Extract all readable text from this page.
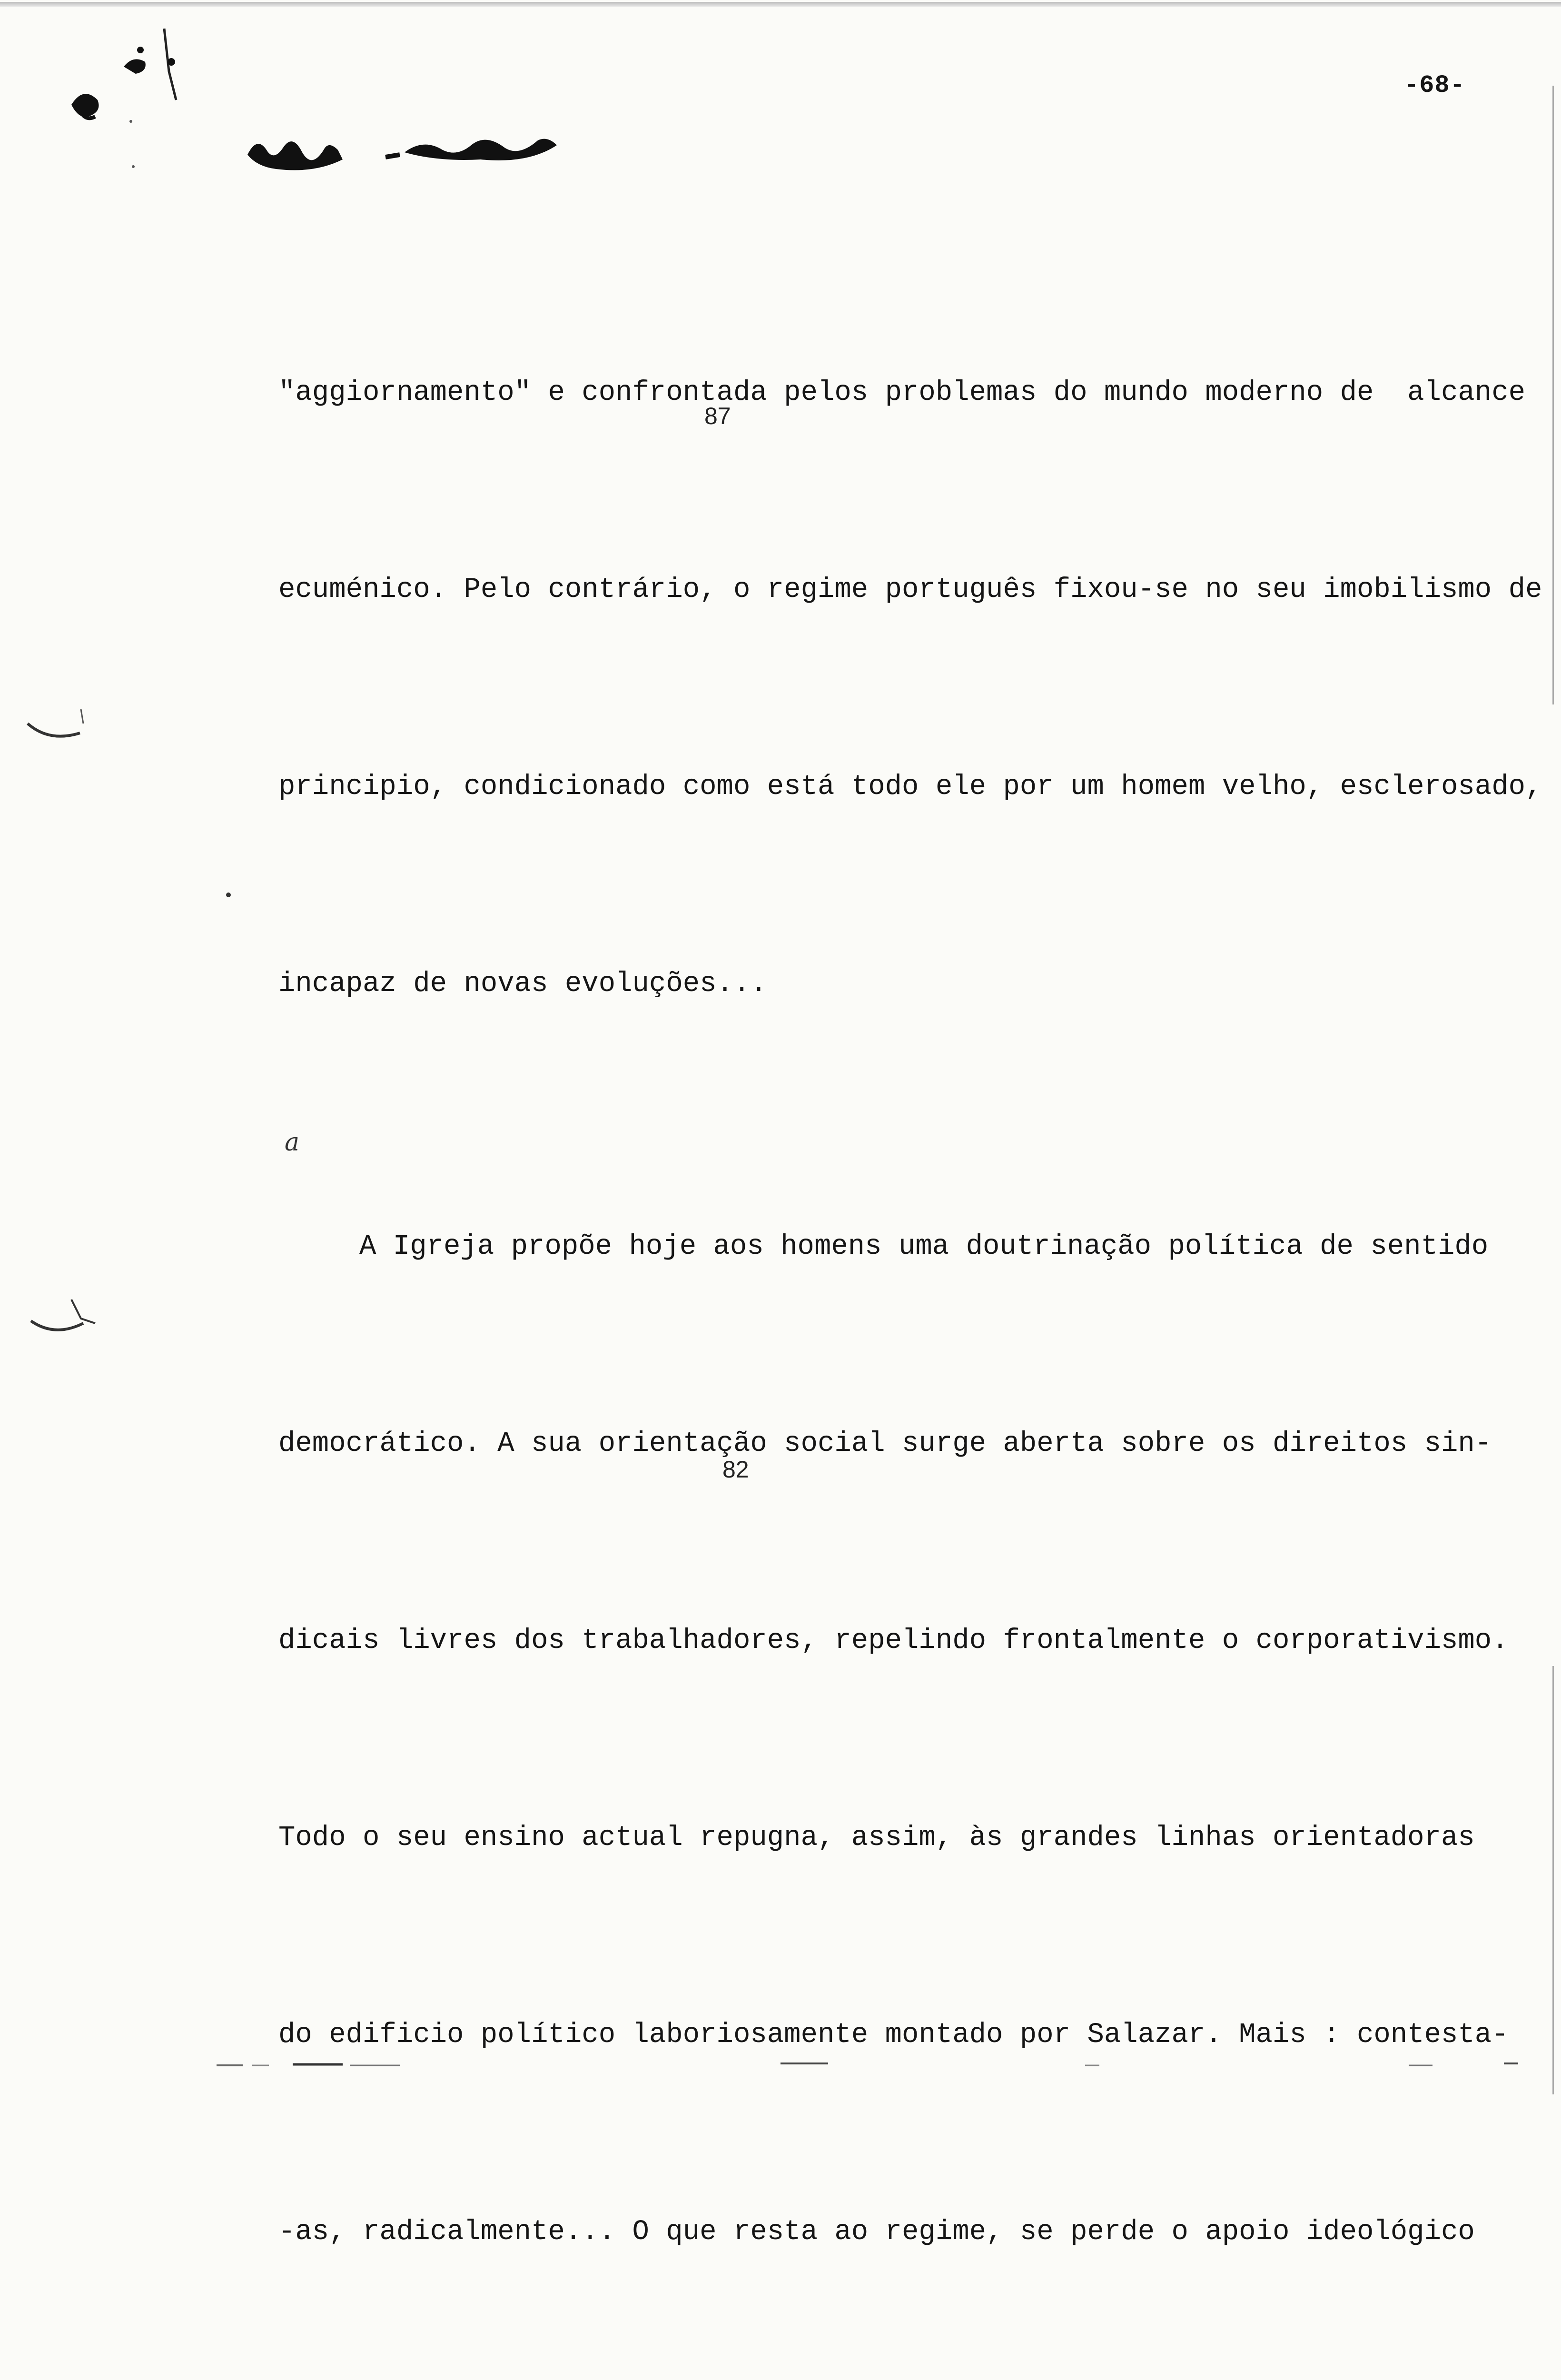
-68-

"aggiornamento" e confrontada pelos problemas do mundo moderno de  alcance

ecuménico. Pelo contrário, o regime português fixou-se no seu imobilismo de

principio, condicionado como está todo ele por um homem velho, esclerosado,

incapaz de novas evoluções...

A Igreja propõe hoje aos homens uma doutrinação política de sentido

democrático. A sua orientação social surge aberta sobre os direitos sin-

dicais livres dos trabalhadores, repelindo frontalmente o corporativismo.

Todo o seu ensino actual repugna, assim, às grandes linhas orientadoras

do edificio político laboriosamente montado por Salazar. Mais : contesta-

-as, radicalmente... O que resta ao regime, se perde o apoio ideológico

87
82
a
